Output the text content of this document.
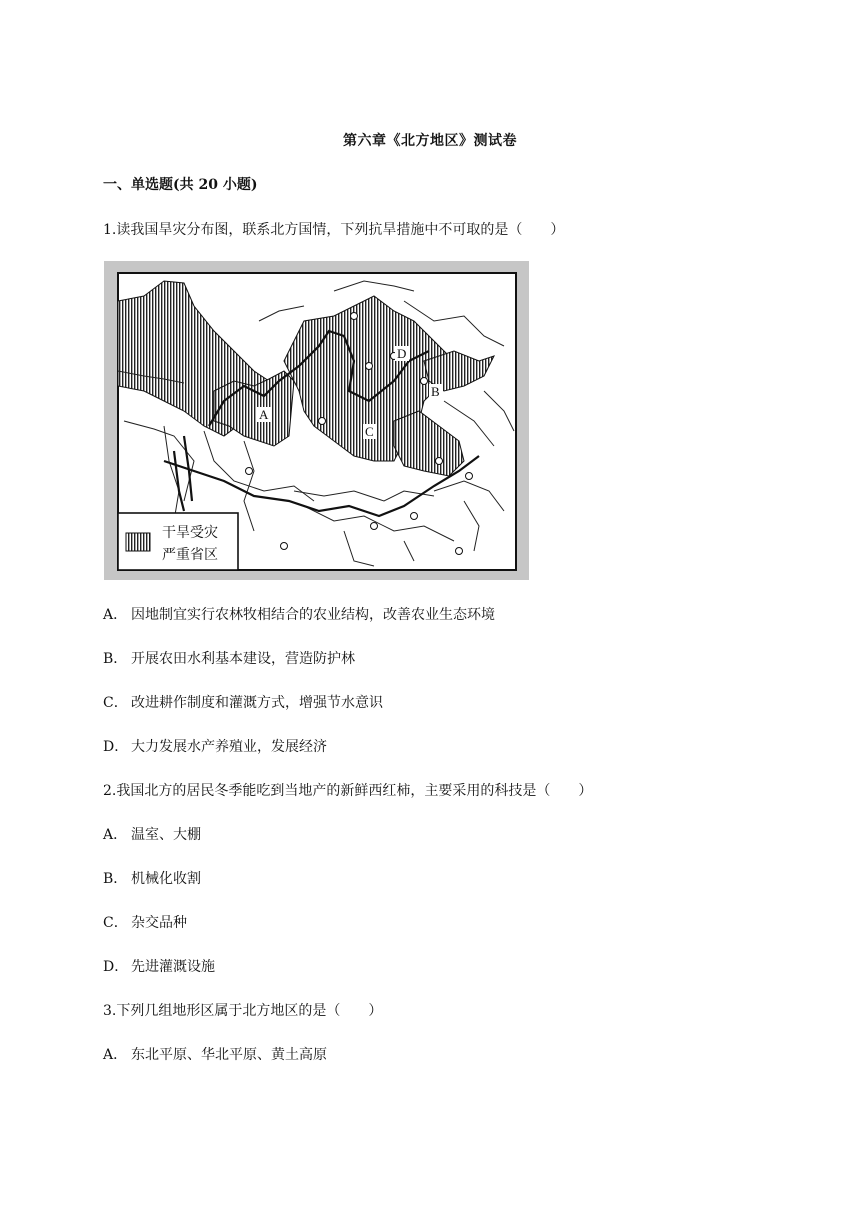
第六章《北方地区》测试卷
一、单选题(共 20 小题)
1.读我国旱灾分布图，联系北方国情，下列抗旱措施中不可取的是（　　）
A
B
C
D
干旱受灾
严重省区
A． 因地制宜实行农林牧相结合的农业结构，改善农业生态环境
B． 开展农田水利基本建设，营造防护林
C． 改进耕作制度和灌溉方式，增强节水意识
D． 大力发展水产养殖业，发展经济
2.我国北方的居民冬季能吃到当地产的新鲜西红柿，主要采用的科技是（　　）
A． 温室、大棚
B． 机械化收割
C． 杂交品种
D． 先进灌溉设施
3.下列几组地形区属于北方地区的是（　　）
A． 东北平原、华北平原、黄土高原
